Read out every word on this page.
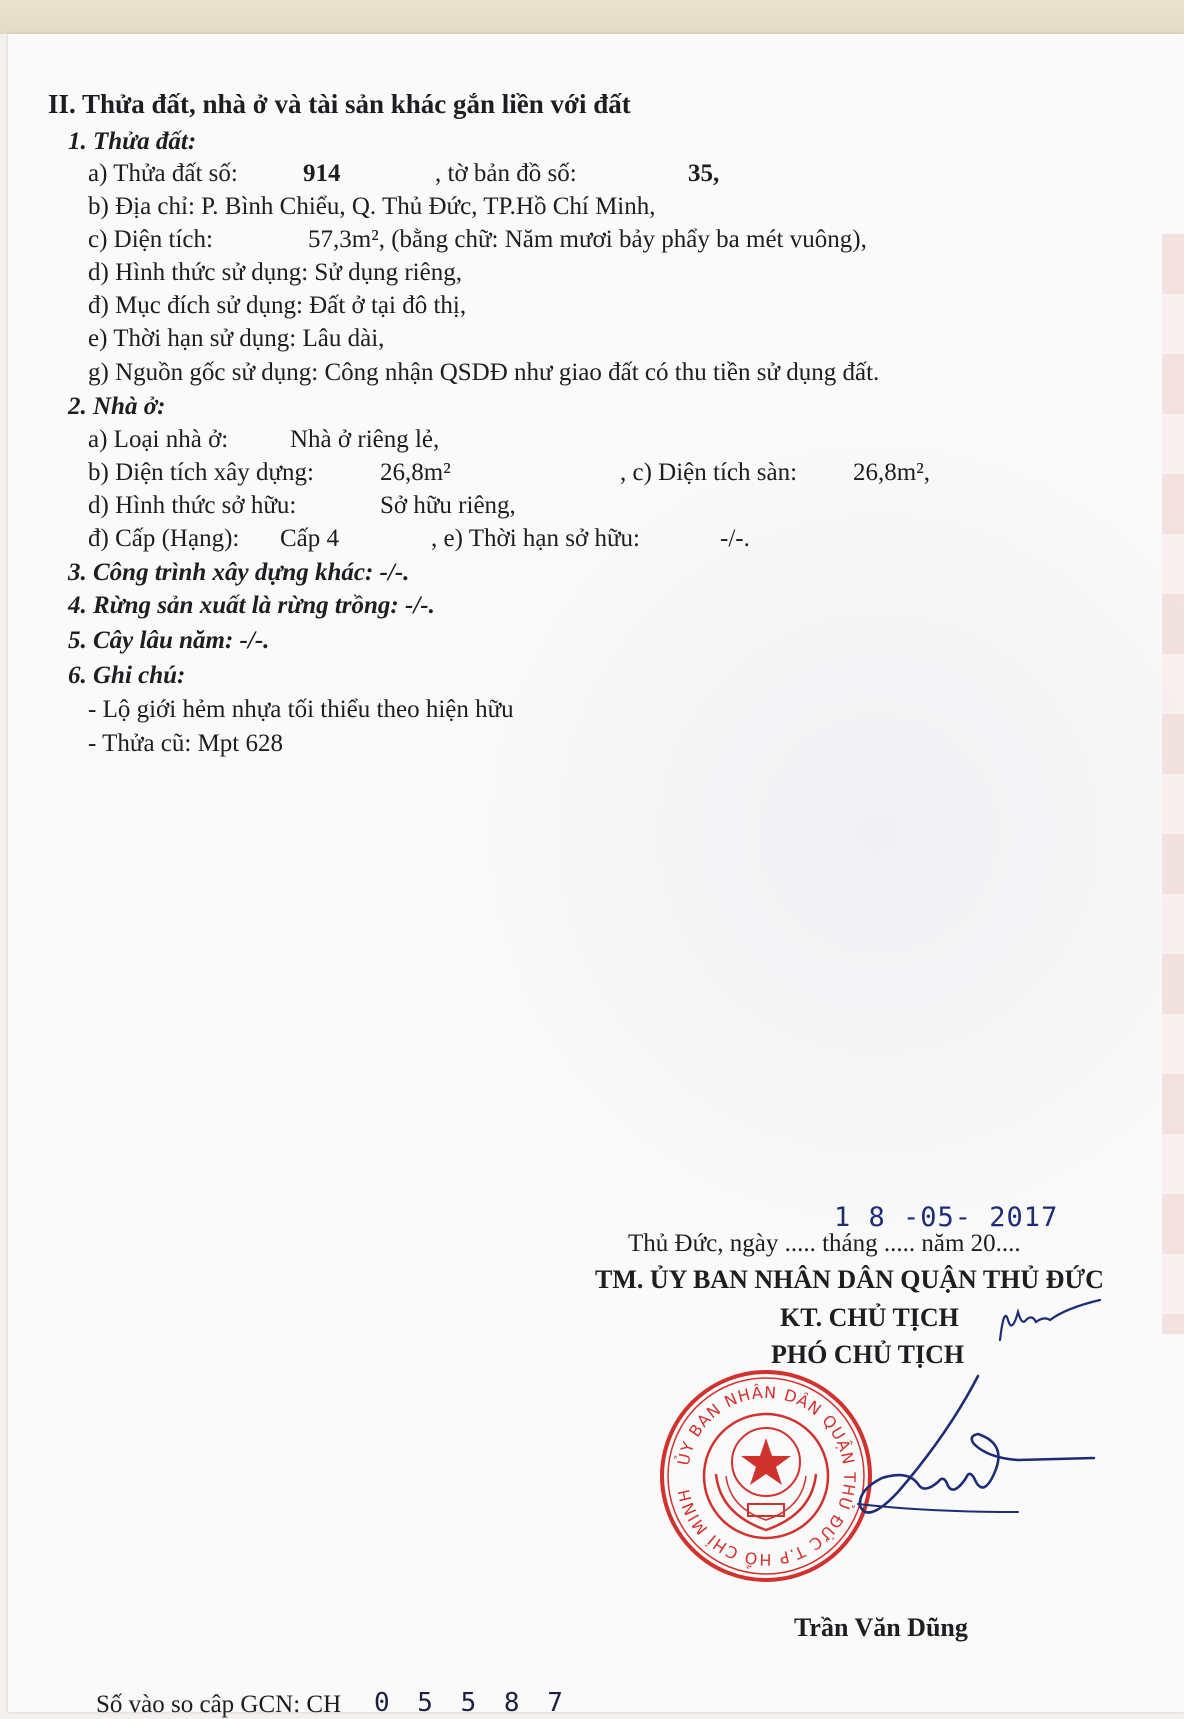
II. Thửa đất, nhà ở và tài sản khác gắn liền với đất
1. Thửa đất:
a) Thửa đất số:	914	, tờ bản đồ số:	35,
b) Địa chỉ: P. Bình Chiểu, Q. Thủ Đức, TP.Hồ Chí Minh,
c) Diện tích:	57,3m², (bằng chữ: Năm mươi bảy phẩy ba mét vuông),
d) Hình thức sử dụng: Sử dụng riêng,
đ) Mục đích sử dụng: Đất ở tại đô thị,
e) Thời hạn sử dụng: Lâu dài,
g) Nguồn gốc sử dụng: Công nhận QSDĐ như giao đất có thu tiền sử dụng đất.
2. Nhà ở:
a) Loại nhà ở: Nhà ở riêng lẻ,
b) Diện tích xây dựng:	26,8m²	, c) Diện tích sàn: 26,8m²,
d) Hình thức sở hữu:	Sở hữu riêng,
đ) Cấp (Hạng): Cấp 4	, e) Thời hạn sở hữu:	-/-.
3. Công trình xây dựng khác: -/-.
4. Rừng sản xuất là rừng trồng: -/-.
5. Cây lâu năm: -/-.
6. Ghi chú:
- Lộ giới hẻm nhựa tối thiểu theo hiện hữu
- Thửa cũ: Mpt 628
1 8 -05- 2017
Thủ Đức, ngày ..... tháng ..... năm 20....
TM. ỦY BAN NHÂN DÂN QUẬN THỦ ĐỨC
KT. CHỦ TỊCH
PHÓ CHỦ TỊCH
ỦY BAN NHÂN DÂN QUẬN THỦ ĐỨC T.P HỒ CHÍ MINH
Trần Văn Dũng
Số vào so câp GCN: CH 0 5 5 8 7
